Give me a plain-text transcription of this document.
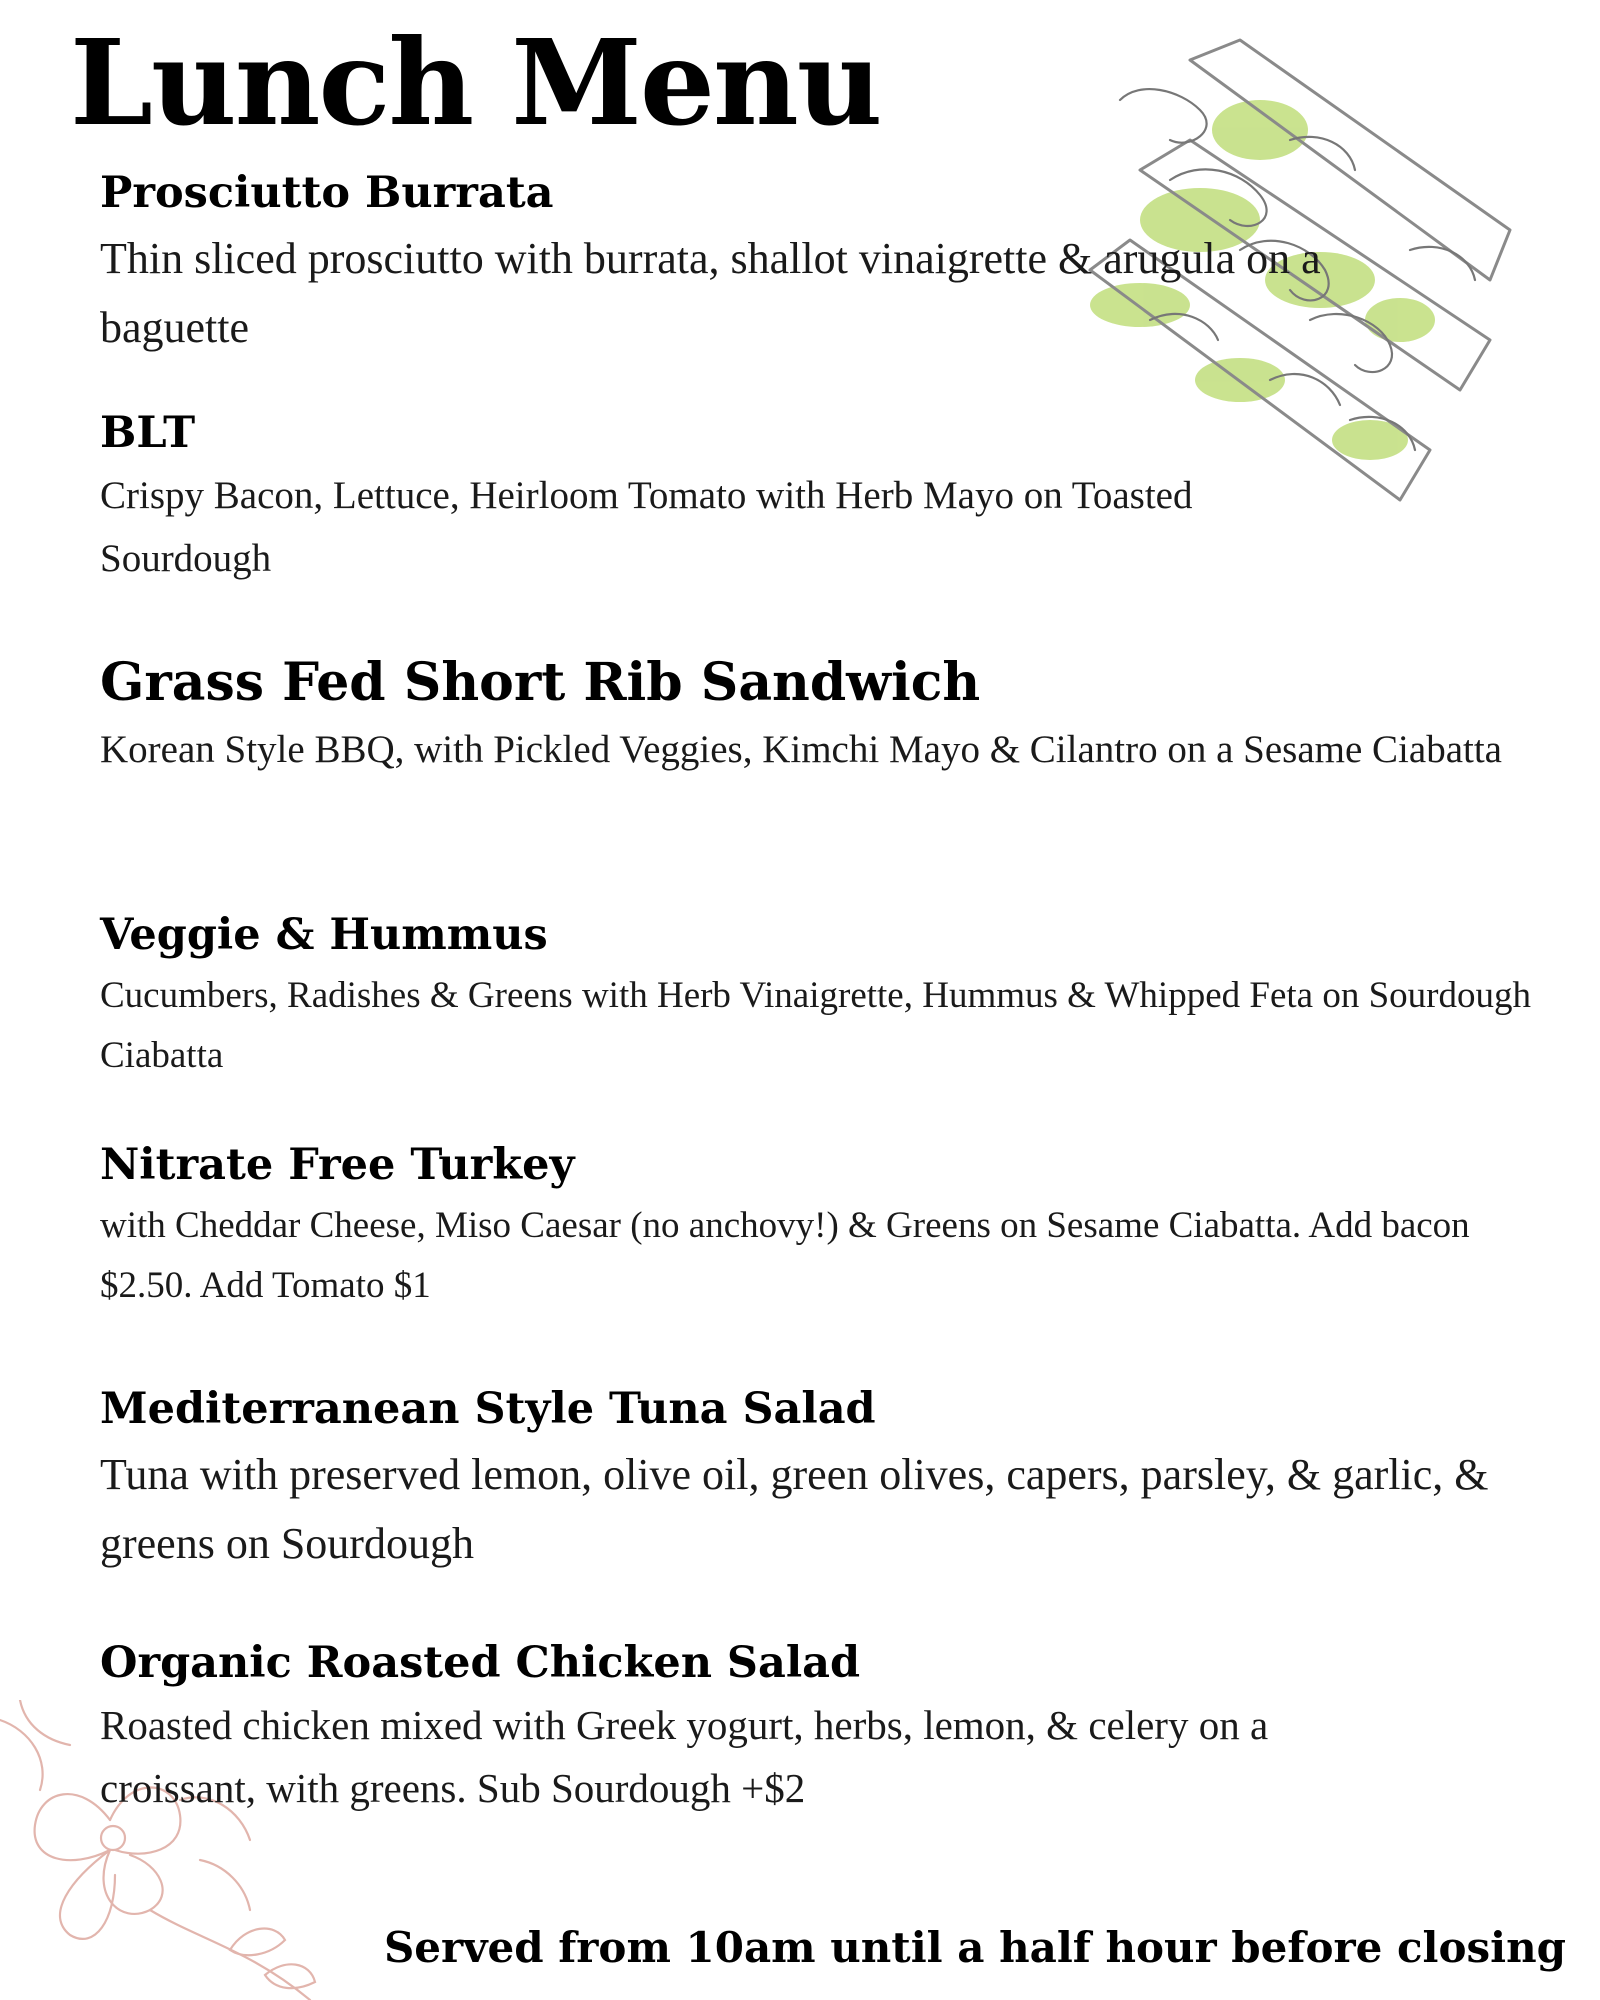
Lunch Menu
Prosciutto Burrata

Thin sliced prosciutto with burrata, shallot vinaigrette & arugula on a baguette

BLT

Crispy Bacon, Lettuce, Heirloom Tomato with Herb Mayo on Toasted Sourdough

Grass Fed Short Rib Sandwich

Korean Style BBQ, with Pickled Veggies, Kimchi Mayo & Cilantro on a Sesame Ciabatta

Veggie & Hummus

Cucumbers, Radishes & Greens with Herb Vinaigrette, Hummus & Whipped Feta on Sourdough Ciabatta

Nitrate Free Turkey

with Cheddar Cheese, Miso Caesar (no anchovy!) & Greens on Sesame Ciabatta. Add bacon $2.50. Add Tomato $1

Mediterranean Style Tuna Salad

Tuna with preserved lemon, olive oil, green olives, capers, parsley, & garlic, & greens on Sourdough

Organic Roasted Chicken Salad

Roasted chicken mixed with Greek yogurt, herbs, lemon, & celery on a croissant, with greens. Sub Sourdough +$2

Served from 10am until a half hour before closing
